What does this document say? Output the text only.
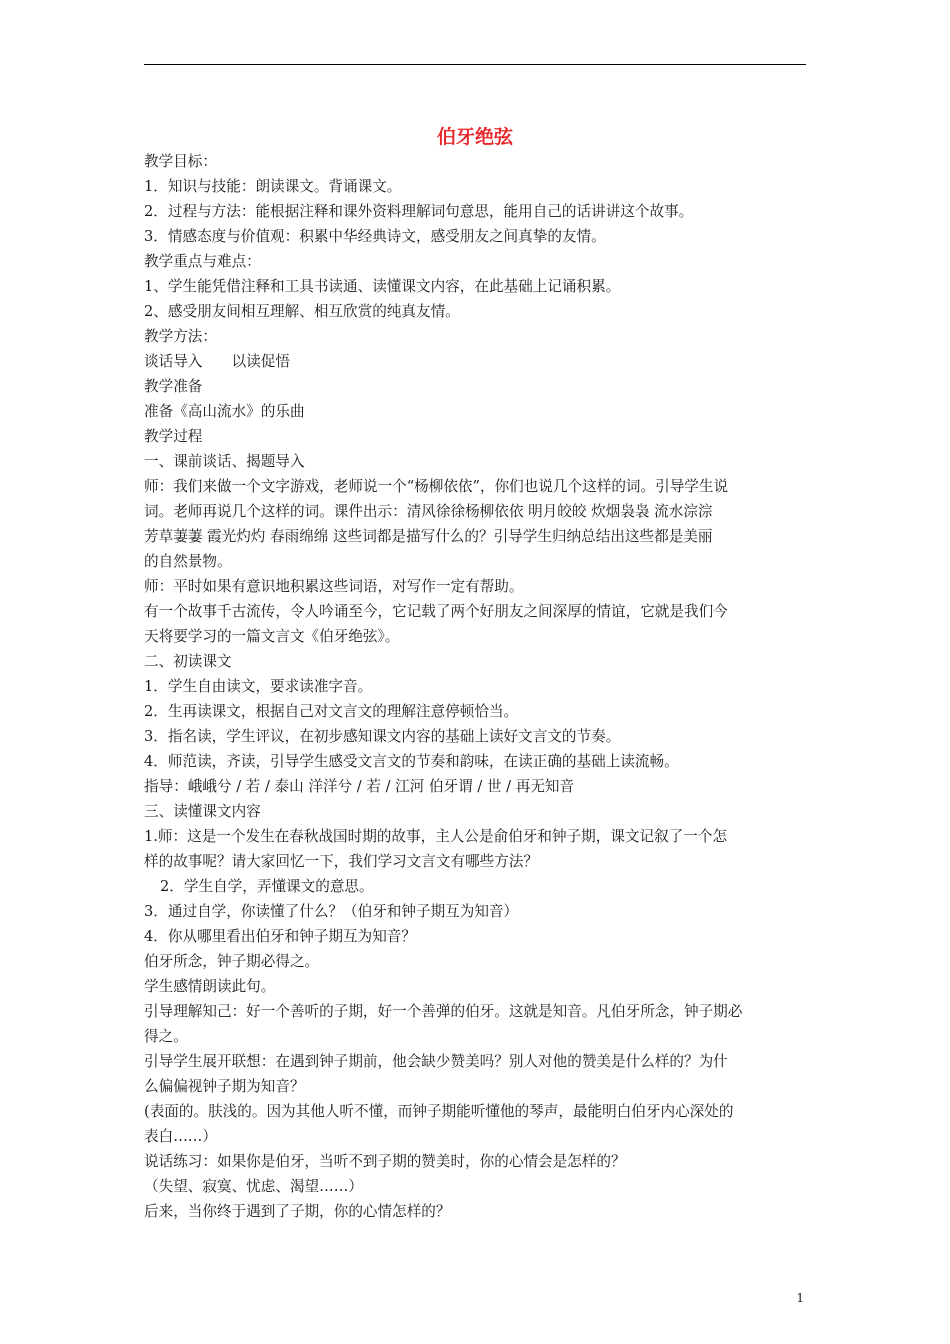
伯牙绝弦

教学目标：

1．知识与技能：朗读课文。背诵课文。

2．过程与方法：能根据注释和课外资料理解词句意思，能用自己的话讲讲这个故事。

3．情感态度与价值观：积累中华经典诗文，感受朋友之间真挚的友情。

教学重点与难点：

1、学生能凭借注释和工具书读通、读懂课文内容，在此基础上记诵积累。

2、感受朋友间相互理解、相互欣赏的纯真友情。

教学方法：

谈话导入　　以读促悟

教学准备

准备《高山流水》的乐曲

教学过程

一、课前谈话、揭题导入

师：我们来做一个文字游戏，老师说一个“杨柳依依”，你们也说几个这样的词。引导学生说

词。老师再说几个这样的词。课件出示：清风徐徐杨柳依依 明月皎皎 炊烟袅袅 流水淙淙

芳草萋萋 霞光灼灼 春雨绵绵 这些词都是描写什么的？引导学生归纳总结出这些都是美丽

的自然景物。

师：平时如果有意识地积累这些词语，对写作一定有帮助。

有一个故事千古流传，令人吟诵至今，它记载了两个好朋友之间深厚的情谊，它就是我们今

天将要学习的一篇文言文《伯牙绝弦》。

二、初读课文

1．学生自由读文，要求读准字音。

2．生再读课文，根据自己对文言文的理解注意停顿恰当。

3．指名读，学生评议，在初步感知课文内容的基础上读好文言文的节奏。

4．师范读，齐读，引导学生感受文言文的节奏和韵味，在读正确的基础上读流畅。

指导：峨峨兮 / 若 / 泰山 洋洋兮 / 若 / 江河 伯牙谓 / 世 / 再无知音

三、读懂课文内容

1.师：这是一个发生在春秋战国时期的故事，主人公是俞伯牙和钟子期，课文记叙了一个怎

样的故事呢？请大家回忆一下，我们学习文言文有哪些方法？

2．学生自学，弄懂课文的意思。

3．通过自学，你读懂了什么？（伯牙和钟子期互为知音）

4．你从哪里看出伯牙和钟子期互为知音？

伯牙所念，钟子期必得之。

学生感情朗读此句。

引导理解知己：好一个善听的子期，好一个善弹的伯牙。这就是知音。凡伯牙所念，钟子期必

得之。

引导学生展开联想：在遇到钟子期前，他会缺少赞美吗？别人对他的赞美是什么样的？为什

么偏偏视钟子期为知音？

(表面的。肤浅的。因为其他人听不懂，而钟子期能听懂他的琴声，最能明白伯牙内心深处的

表白……）

说话练习：如果你是伯牙，当听不到子期的赞美时，你的心情会是怎样的？

（失望、寂寞、忧虑、渴望……）

后来，当你终于遇到了子期，你的心情怎样的？

1
